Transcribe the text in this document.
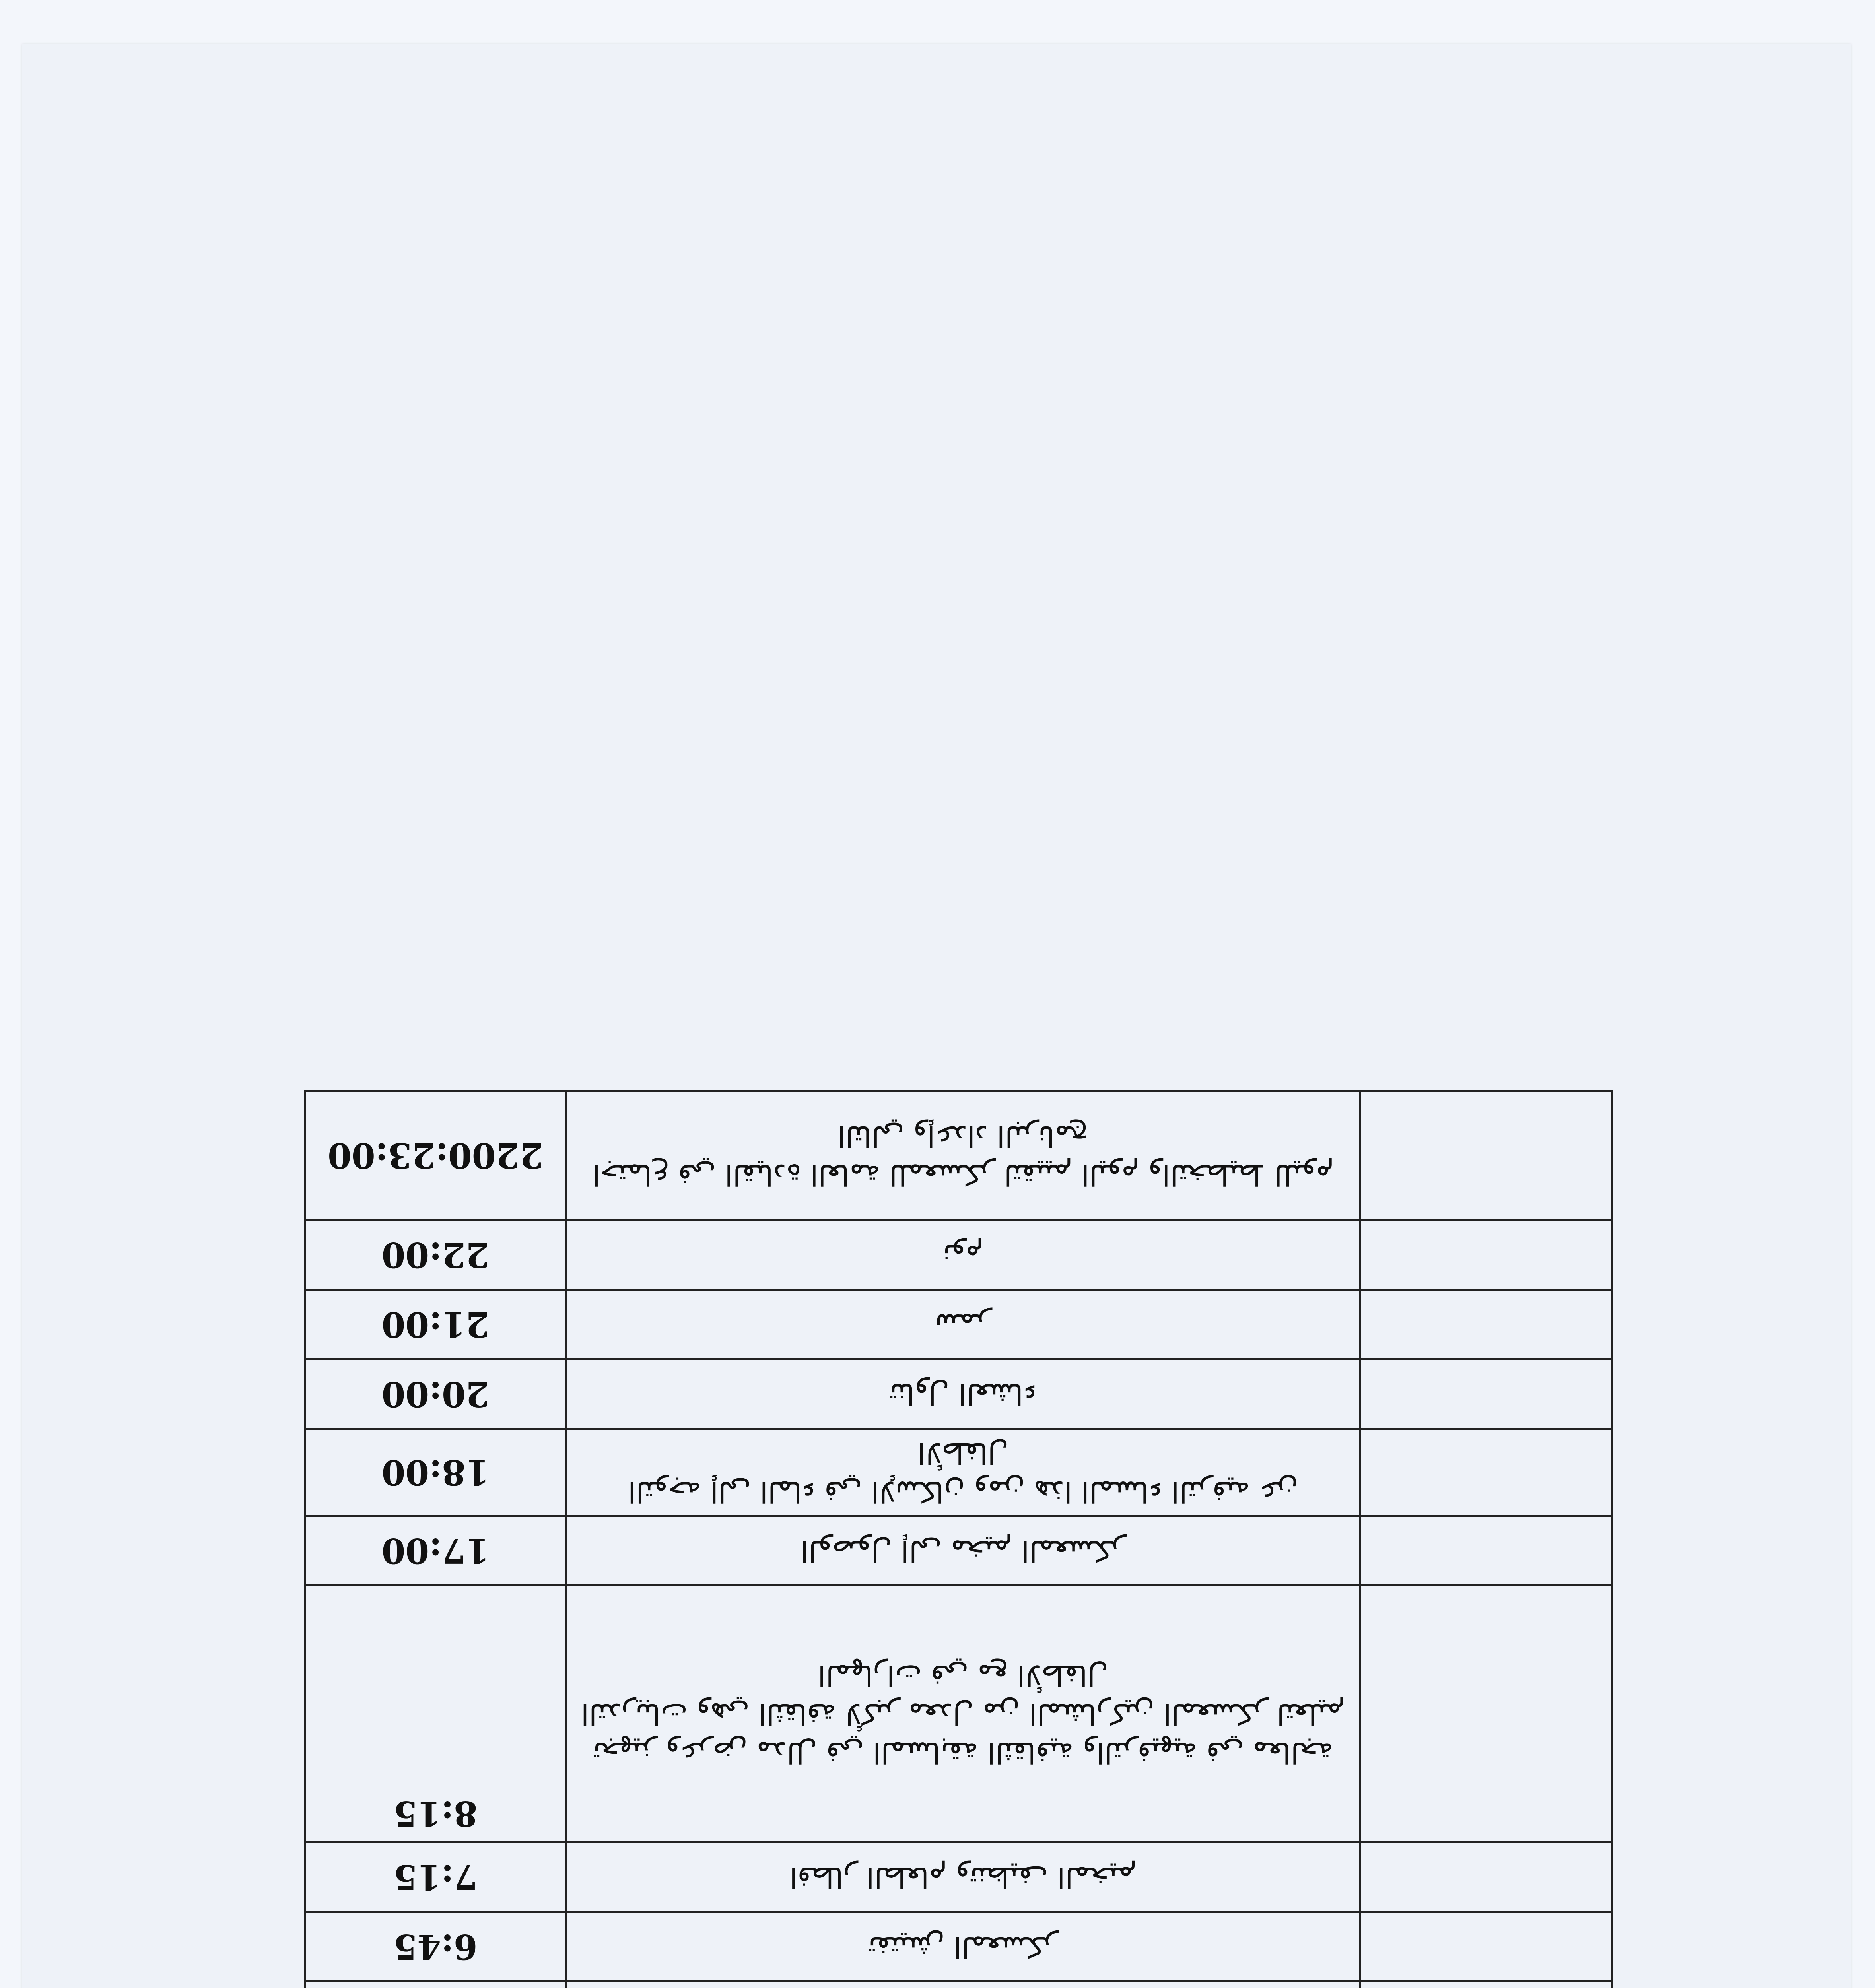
6:45	تفتيش المعسكر	
7:15	افطار الطعام وتنظيف المخيم	
8:15	تجهيز وعرض مدلل في المسابقة الثقافية والترفيهية في معالجة التدريبات وهي الثقافة لأكبر معدل من المشاركين المعسكر لتعليم المهارات في مع الأطفال	
17:00	الوصول إلى مخيم المعسكر	
18:00	التوجه إلى الماء في الإسكان ومن هذا المساء الترفيه عن الأطفال	
20:00	تناول العشاء	
21:00	سمر	
22:00	نوم	
2200:23:00	اجتماع في القيادة العامة للمعسكر لتقييم اليوم والتخطيط لليوم التالي وإعداد البرنامج	
